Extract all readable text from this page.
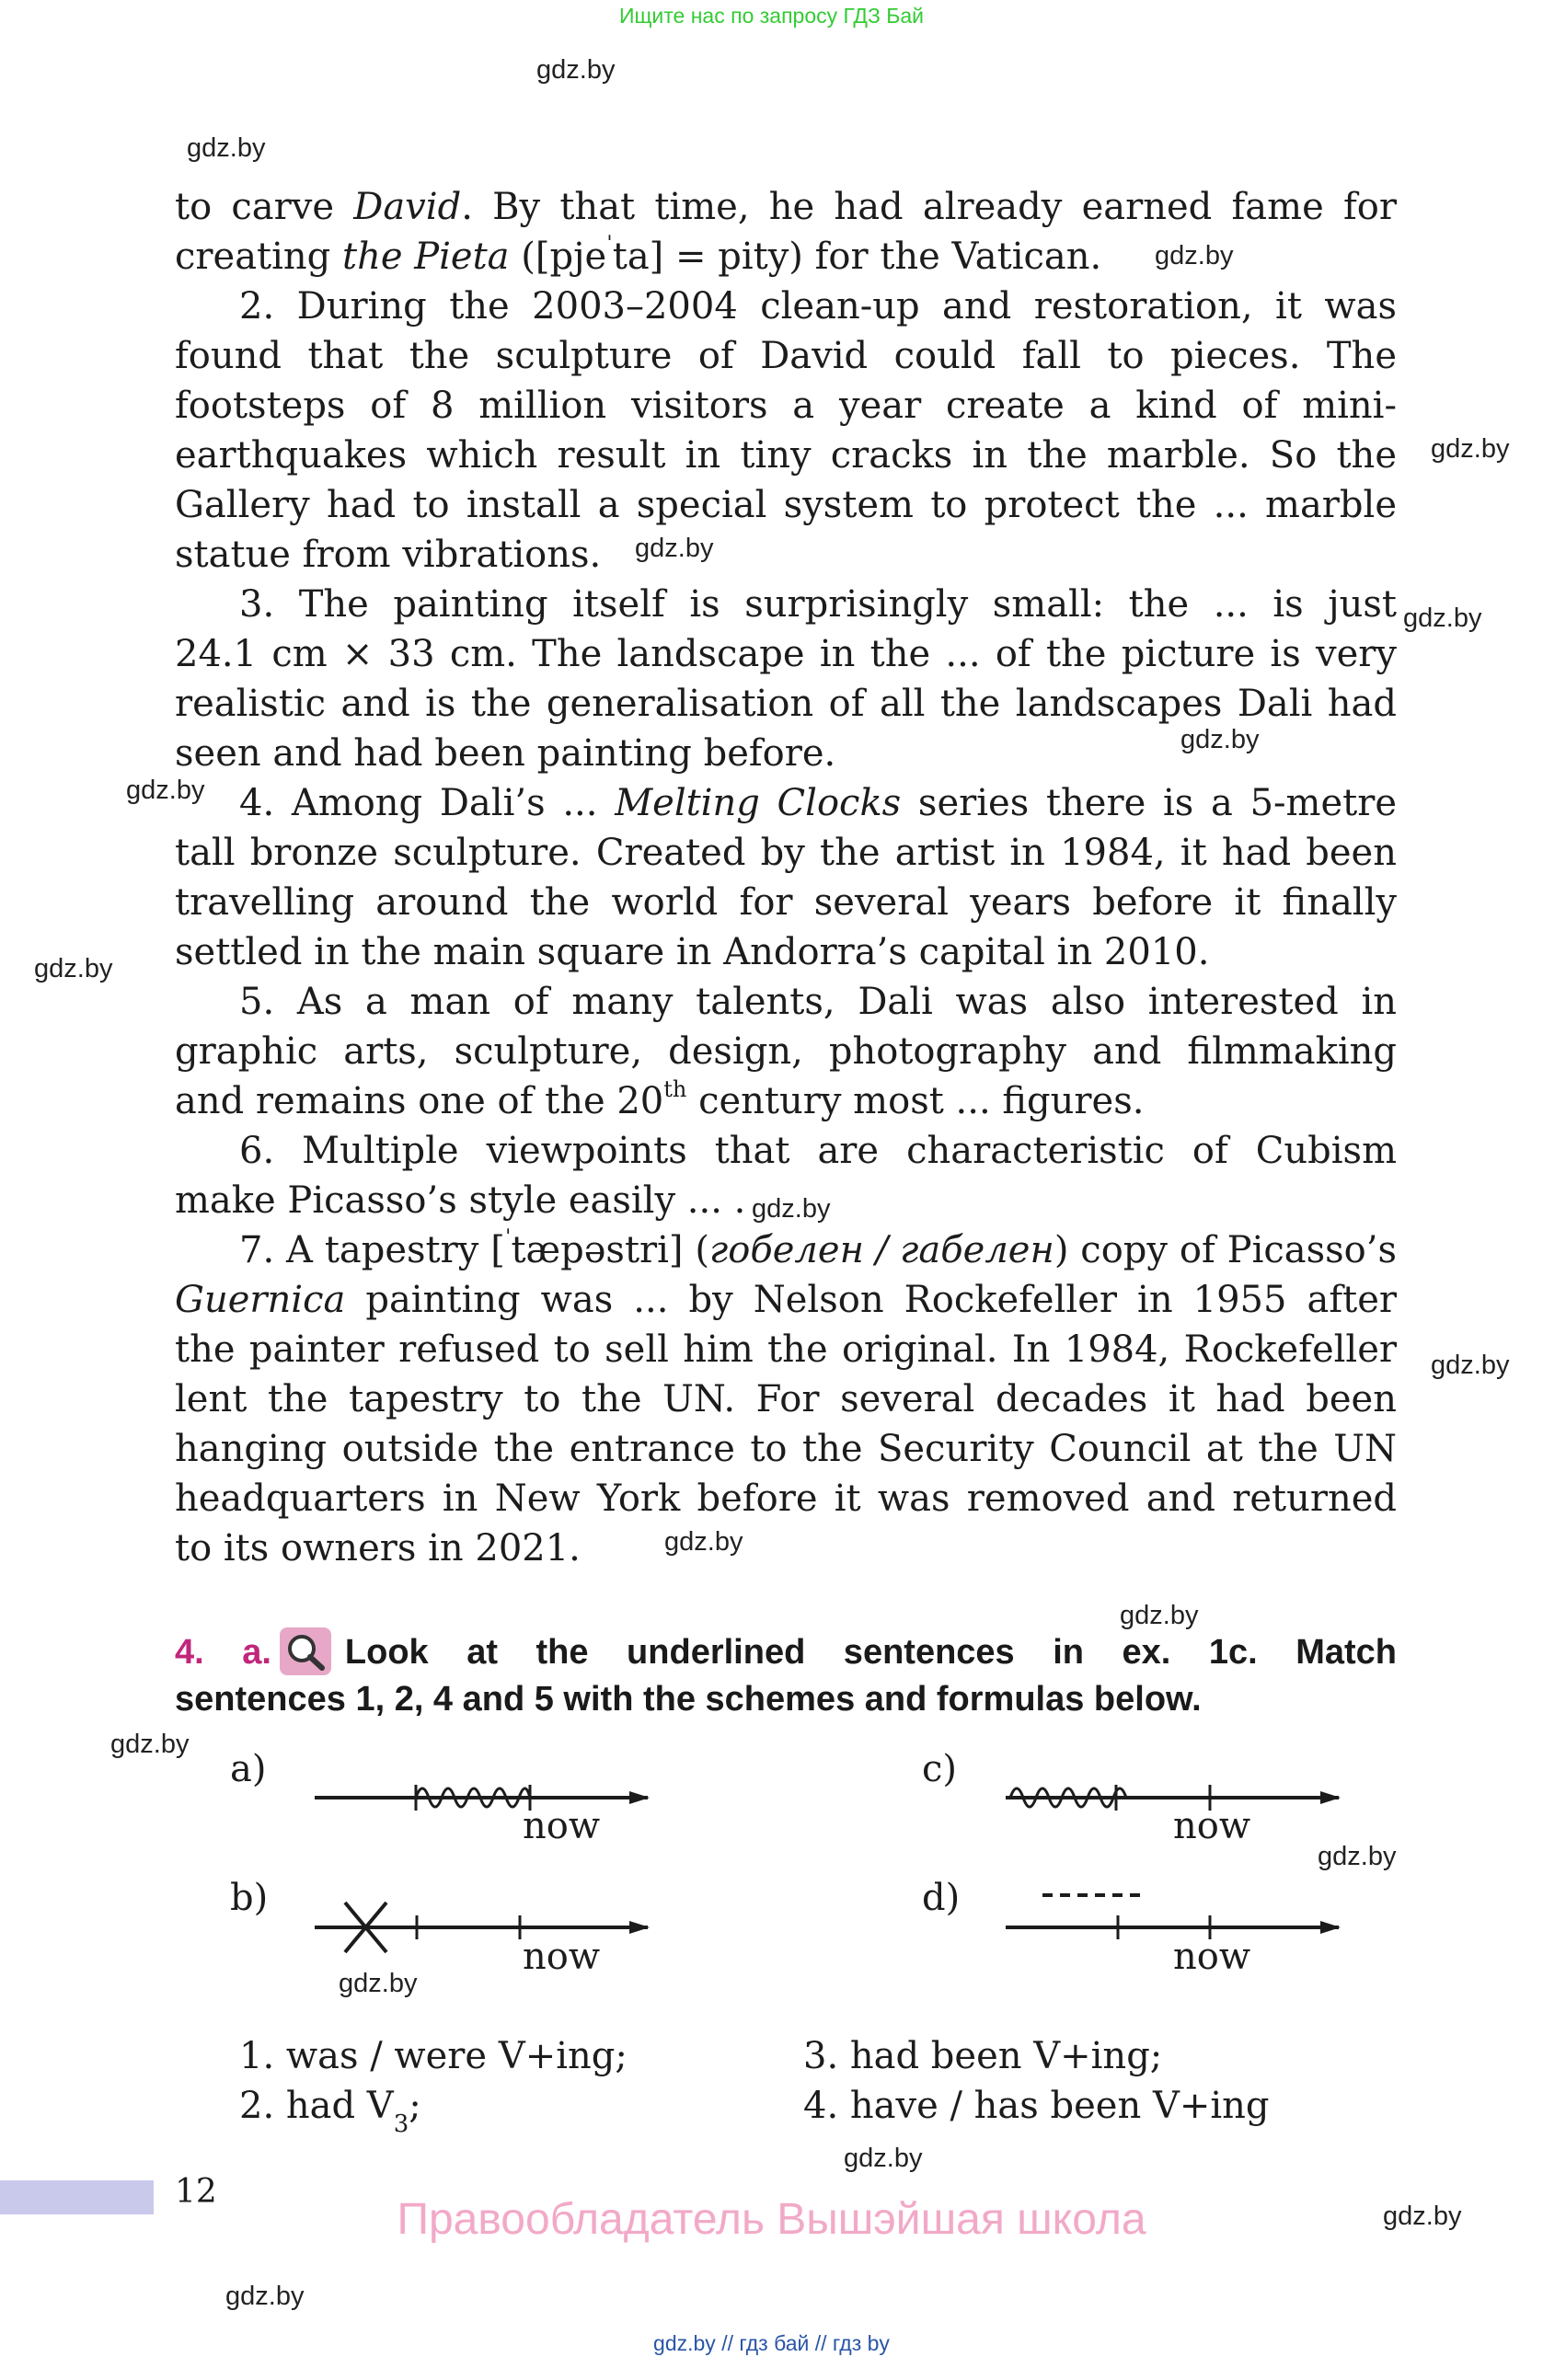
Ищите нас по запросу ГДЗ Бай
gdz.by
gdz.by
gdz.by
gdz.by
gdz.by
gdz.by
gdz.by
gdz.by
gdz.by
gdz.by
gdz.by
gdz.by
gdz.by
gdz.by
gdz.by
gdz.by
gdz.by
gdz.by
gdz.by
to carve David. By that time, he had already earned fame for
creating the Pieta ([pje$^ˈ$ta] = pity) for the Vatican.
2. During the 2003–2004 clean-up and restoration, it was
found that the sculpture of David could fall to pieces. The
footsteps of 8 million visitors a year create a kind of mini-
earthquakes which result in tiny cracks in the marble. So the
Gallery had to install a special system to protect the ... marble
statue from vibrations.
3. The painting itself is surprisingly small: the ... is just
24.1 cm × 33 cm. The landscape in the ... of the picture is very
realistic and is the generalisation of all the landscapes Dali had
seen and had been painting before.
4. Among Dali’s ... Melting Clocks series there is a 5-metre
tall bronze sculpture. Created by the artist in 1984, it had been
travelling around the world for several years before it finally
settled in the main square in Andorra’s capital in 2010.
5. As a man of many talents, Dali was also interested in
graphic arts, sculpture, design, photography and filmmaking
and remains one of the 20th century most ... figures.
6. Multiple viewpoints that are characteristic of Cubism
make Picasso’s style easily ... .
7. A tapestry [$^ˈ$tæpəstri] (гобелен / габелен) copy of Picasso’s
Guernica painting was ... by Nelson Rockefeller in 1955 after
the painter refused to sell him the original. In 1984, Rockefeller
lent the tapestry to the UN. For several decades it had been
hanging outside the entrance to the Security Council at the UN
headquarters in New York before it was removed and returned
to its owners in 2021.
4. a. Look at the underlined sentences in ex. 1c. Match
sentences 1, 2, 4 and 5 with the schemes and formulas below.
a)
b)
c)
d)
now
now
now
now
1. was / were V+ing;
2. had $V_3$;
3. had been V+ing;
4. have / has been V+ing
12
Правообладатель Вышэйшая школа
gdz.by // гдз бай // гдз by
